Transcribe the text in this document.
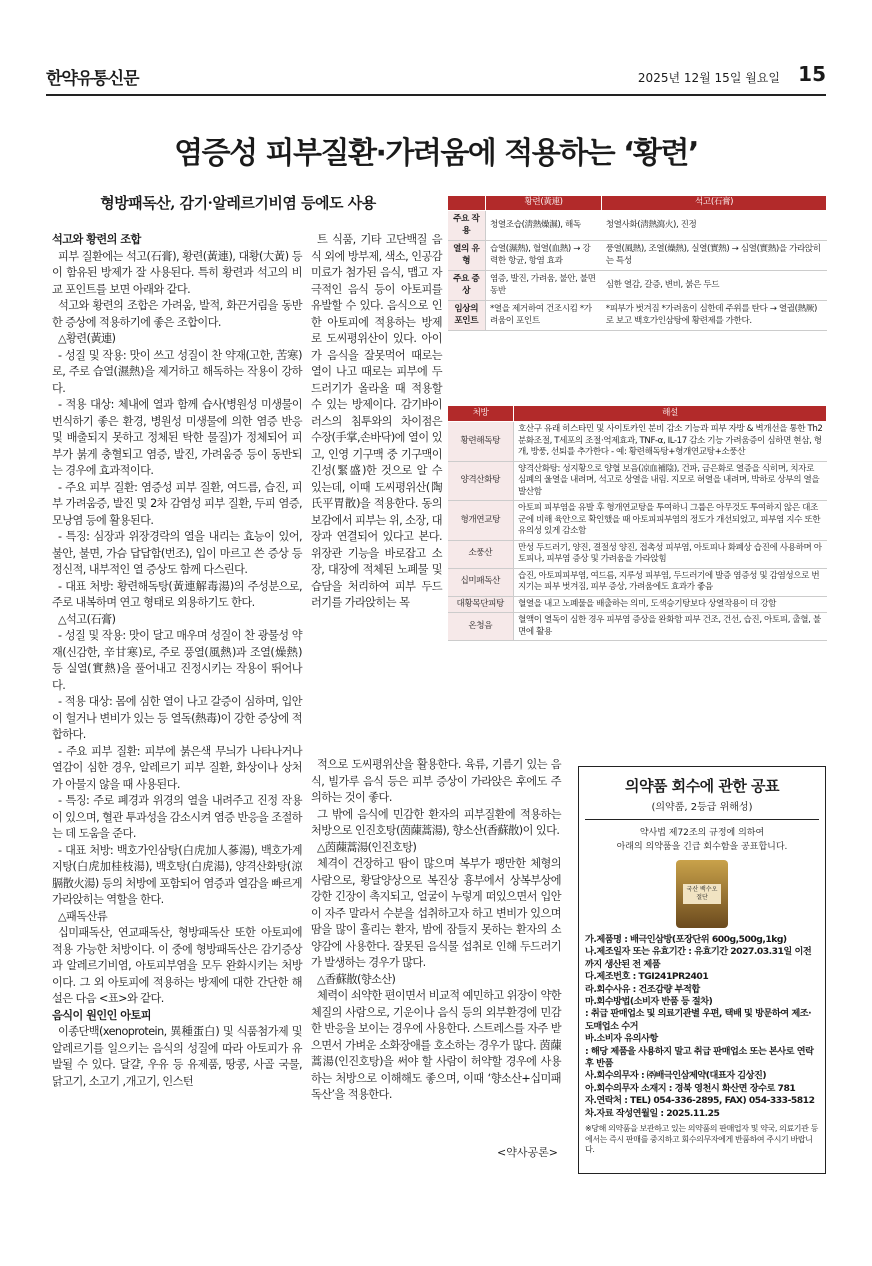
한약유통신문	2025년 12월 15일 월요일 15
염증성 피부질환·가려움에 적용하는 ‘황련’
형방패독산, 감기·알레르기비염 등에도 사용

석고와 황련의 조합

피부 질환에는 석고(石膏), 황련(黃連), 대황(大黃) 등이 함유된 방제가 잘 사용된다. 특히 황련과 석고의 비교 포인트를 보면 아래와 같다.

석고와 황련의 조합은 가려움, 발적, 화끈거림을 동반한 증상에 적용하기에 좋은 조합이다.

△황련(黃連)

- 성질 및 작용: 맛이 쓰고 성질이 찬 약재(고한, 苦寒)로, 주로 습열(濕熱)을 제거하고 해독하는 작용이 강하다.

- 적용 대상: 체내에 열과 함께 습사(병원성 미생물이 번식하기 좋은 환경, 병원성 미생물에 의한 염증 반응 및 배출되지 못하고 정체된 탁한 물질)가 정체되어 피부가 붉게 충혈되고 염증, 발진, 가려움증 등이 동반되는 경우에 효과적이다.

- 주요 피부 질환: 염증성 피부 질환, 여드름, 습진, 피부 가려움증, 발진 및 2차 감염성 피부 질환, 두피 염증, 모낭염 등에 활용된다.

- 특징: 심장과 위장경락의 열을 내리는 효능이 있어, 불안, 불면, 가슴 답답함(번조), 입이 마르고 쓴 증상 등 정신적, 내부적인 열 증상도 함께 다스린다.

- 대표 처방: 황련해독탕(黃連解毒湯)의 주성분으로, 주로 내복하며 연고 형태로 외용하기도 한다.

△석고(石膏)

- 성질 및 작용: 맛이 달고 매우며 성질이 찬 광물성 약재(신감한, 辛甘寒)로, 주로 풍열(風熱)과 조열(燥熱) 등 실열(實熱)을 풀어내고 진정시키는 작용이 뛰어나다.

- 적용 대상: 몸에 심한 열이 나고 갈증이 심하며, 입안이 헐거나 변비가 있는 등 열독(熱毒)이 강한 증상에 적합하다.

- 주요 피부 질환: 피부에 붉은색 무늬가 나타나거나 열감이 심한 경우, 알레르기 피부 질환, 화상이나 상처가 아물지 않을 때 사용된다.

- 특징: 주로 폐경과 위경의 열을 내려주고 진정 작용이 있으며, 혈관 투과성을 감소시켜 염증 반응을 조절하는 데 도움을 준다.

- 대표 처방: 백호가인삼탕(白虎加人蔘湯), 백호가계지탕(白虎加桂枝湯), 백호탕(白虎湯), 양격산화탕(涼膈散火湯) 등의 처방에 포함되어 염증과 열감을 빠르게 가라앉히는 역할을 한다.

△패독산류

십미패독산, 연교패독산, 형방패독산 또한 아토피에 적용 가능한 처방이다. 이 중에 형방패독산은 감기증상과 알레르기비염, 아토피부염을 모두 완화시키는 처방이다. 그 외 아토피에 적용하는 방제에 대한 간단한 해설은 다음 <표>와 같다.

음식이 원인인 아토피

이종단백(xenoprotein, 異種蛋白) 및 식품첨가제 및 알레르기를 일으키는 음식의 성질에 따라 아토피가 유발될 수 있다. 달걀, 우유 등 유제품, 땅콩, 사골 국물, 닭고기, 소고기 ,개고기, 인스턴

트 식품, 기타 고단백질 음식 외에 방부제, 색소, 인공감미료가 첨가된 음식, 맵고 자극적인 음식 등이 아토피를 유발할 수 있다. 음식으로 인한 아토피에 적용하는 방제로 도씨평위산이 있다. 아이가 음식을 잘못먹어 때로는 열이 나고 때로는 피부에 두드러기가 올라올 때 적용할 수 있는 방제이다. 감기바이러스의 침투와의 차이점은 수장(手掌,손바닥)에 열이 있고, 인영 기구맥 중 기구맥이 긴성(緊盛)한 것으로 알 수 있는데, 이때 도씨평위산(陶氏平胃散)을 적용한다. 동의보감에서 피부는 위, 소장, 대장과 연결되어 있다고 본다. 위장관 기능을 바로잡고 소장, 대장에 적체된 노폐물 및 습담을 처리하여 피부 두드러기를 가라앉히는 목

적으로 도씨평위산을 활용한다. 육류, 기름기 있는 음식, 빌가루 음식 등은 피부 증상이 가라앉은 후에도 주의하는 것이 좋다.

그 밖에 음식에 민감한 환자의 피부질환에 적용하는 처방으로 인진호탕(茵蔯蒿湯), 향소산(香蘇散)이 있다.

△茵蔯蒿湯(인진호탕)

체격이 건장하고 땀이 많으며 복부가 팽만한 체형의 사람으로, 황달양상으로 복진상 흉부에서 상복부상에 강한 긴장이 촉지되고, 얼굴이 누렇게 떠있으면서 입안이 자주 말라서 수분을 섭취하고자 하고 변비가 있으며 땀을 많이 흘리는 환자, 밤에 잠들지 못하는 환자의 소양감에 사용한다. 잘못된 음식물 섭취로 인해 두드러기가 발생하는 경우가 많다.

△香蘇散(향소산)

체력이 쇠약한 편이면서 비교적 예민하고 위장이 약한 체질의 사람으로, 기운이나 음식 등의 외부환경에 민감한 반응을 보이는 경우에 사용한다. 스트레스를 자주 받으면서 가벼운 소화장애를 호소하는 경우가 많다. 茵蔯蒿湯(인진호탕)을 써야 할 사람이 허약할 경우에 사용하는 처방으로 이해해도 좋으며, 이때 ‘향소산+십미패독산’을 적용한다.

	황련(黃連)	석고(石膏)
주요 작용	청열조습(淸熱燥濕), 해독	청열사화(淸熱瀉火), 진정
열의 유형	습열(濕熱), 혈열(血熱) → 강력한 항균, 항염 효과	풍열(風熱), 조열(燥熱), 실열(實熱) → 심열(實熱)을 가라앉히는 특성
주요 증상	염증, 발진, 가려움, 불안, 불면 동반	심한 열감, 갈증, 변비, 붉은 두드
임상의 포인트	*열을 제거하여 건조시킴 *가려움이 포인트	*피부가 벗겨짐 *가려움이 심한데 주위를 탄다 → 열궐(熱厥)로 보고 백호가인삼탕에 황련제를 가한다.
처방	해설
황련해독탕	호산구 유래 히스타민 및 사이토카인 분비 감소 기능과 피부 자방 & 벽개선을 통한 Th2 분화조절, T세포의 조절·억제효과, TNF-α, IL-17 감소 기능 가려움증이 심하면 현삼, 형개, 방풍, 선퇴를 추가한다 - 예: 황련해독탕+형개연교탕+소풍산
양격산화탕	양격산화탕: 성지황으로 양혈 보음(凉血補陰), 건파, 금은화로 열증을 식히며, 치자로 심폐의 울열을 내려며, 석고로 상열을 내림. 지모로 허열을 내려며, 박하로 상부의 열을 발산함
형개연교탕	아토피 피부염을 유발 후 형개연교탕을 투여하니 그룹은 아무것도 투여하지 않은 대조군에 비해 육안으로 확인했을 때 아토피피부염의 정도가 개선되었고, 피부염 지수 또한 유의성 있게 감소함
소풍산	만성 두드러기, 양진, 결절성 양진, 접촉성 피부염, 아토피나 화폐상 습진에 사용하며 아토피나, 피부염 증상 및 가려움을 가라앉힘
십미패독산	습진, 아토피피부염, 여드름, 지루성 피부염, 두드러기에 발증 염증성 및 감염성으로 번지기는 피부 벗겨짐, 피부 증상, 가려움에도 효과가 좋음
대황목단피탕	혈열을 내고 노폐물을 배출하는 의미, 도색승기탕보다 상열작용이 더 강함
온청음	혈액이 열독이 심한 경우 피부염 증상을 완화함 피부 건조, 건선, 습진, 아토피, 출혈, 불면에 활용
의약품 회수에 관한 공표
(의약품, 2등급 위해성)
약사법 제72조의 규정에 의하여
아래의 의약품을 긴급 회수함을 공표합니다.
국산 백수오 절단
가.제품명 : 배극인삼방(포장단위 600g,500g,1kg)
나.제조일자 또는 유효기간 : 유효기간 2027.03.31일 이전까지 생산된 전 제품
다.제조번호 : TGI241PR2401
라.회수사유 : 건조감량 부적합
마.회수방법(소비자 반품 등 절차)
: 취급 판매업소 및 의료기관별 우편, 택배 및 방문하여 제조·도매업소 수거
바.소비자 유의사항
: 해당 제품을 사용하지 말고 취급 판매업소 또는 본사로 연락 후 반품
사.회수의무자 : ㈜배극인삼제약(대표자 김상진)
아.회수의무자 소재지 : 경북 영천시 화산면 장수로 781
자.연락처 : TEL) 054-336-2895, FAX) 054-333-5812
차.자료 작성연월일 : 2025.11.25
※당해 의약품을 보관하고 있는 의약품의 판매업자 및 약국, 의료기관 등에서는 즉시 판매를 중지하고 회수의무자에게 반품하여 주시기 바랍니다.
<약사공론>
